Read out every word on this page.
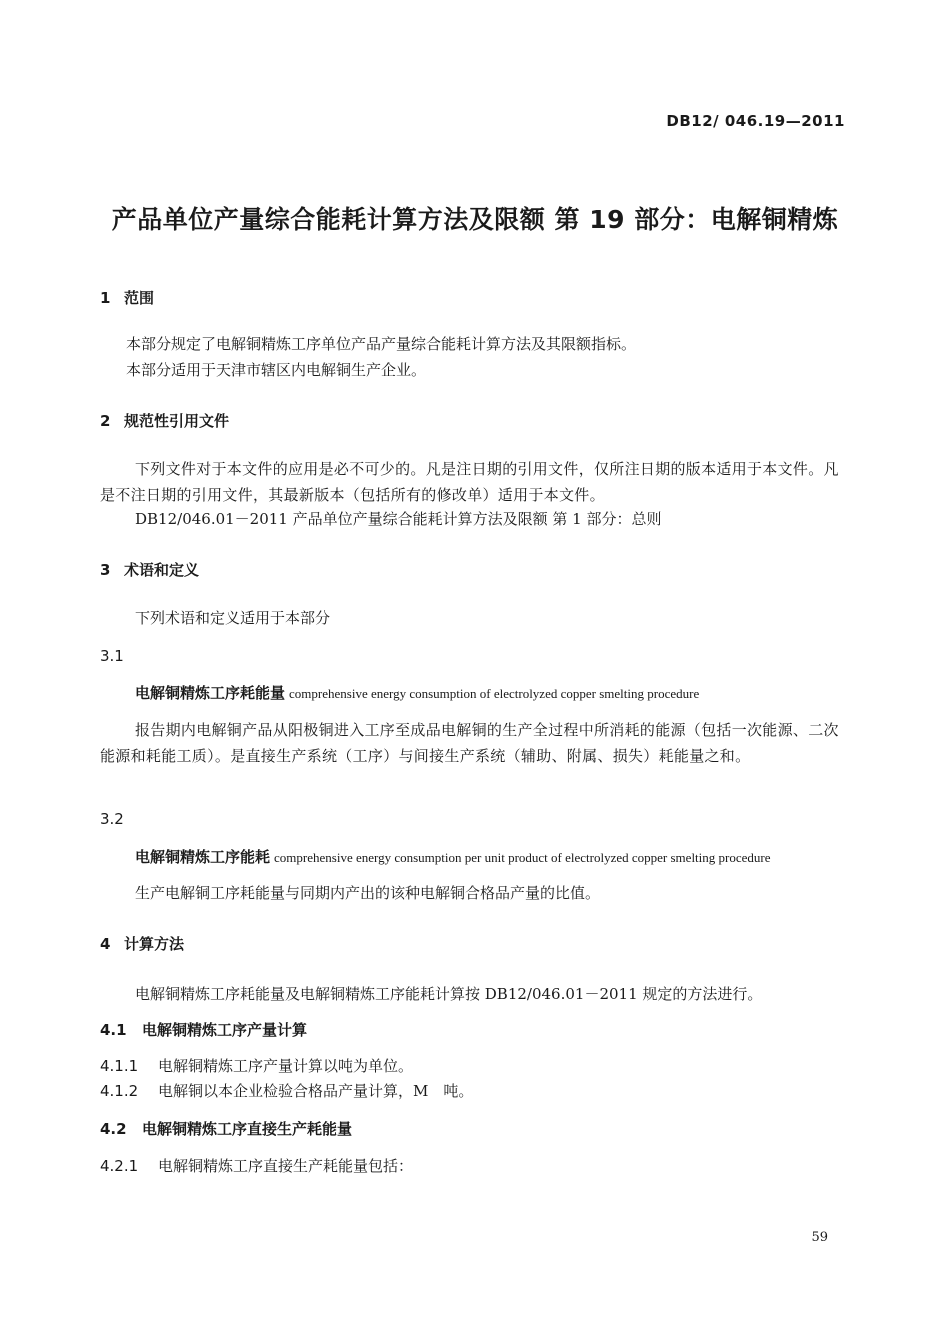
DB12/ 046.19—2011
产品单位产量综合能耗计算方法及限额 第 19 部分：电解铜精炼
1 范围
本部分规定了电解铜精炼工序单位产品产量综合能耗计算方法及其限额指标。
本部分适用于天津市辖区内电解铜生产企业。
2 规范性引用文件
下列文件对于本文件的应用是必不可少的。凡是注日期的引用文件，仅所注日期的版本适用于本文件。凡是不注日期的引用文件，其最新版本（包括所有的修改单）适用于本文件。
DB12/046.01－2011 产品单位产量综合能耗计算方法及限额 第 1 部分：总则
3 术语和定义
下列术语和定义适用于本部分
3.1
电解铜精炼工序耗能量 comprehensive energy consumption of electrolyzed copper smelting procedure
报告期内电解铜产品从阳极铜进入工序至成品电解铜的生产全过程中所消耗的能源（包括一次能源、二次能源和耗能工质）。是直接生产系统（工序）与间接生产系统（辅助、附属、损失）耗能量之和。
3.2
电解铜精炼工序能耗 comprehensive energy consumption per unit product of electrolyzed copper smelting procedure
生产电解铜工序耗能量与同期内产出的该种电解铜合格品产量的比值。
4 计算方法
电解铜精炼工序耗能量及电解铜精炼工序能耗计算按 DB12/046.01－2011 规定的方法进行。
4.1 电解铜精炼工序产量计算
4.1.1 电解铜精炼工序产量计算以吨为单位。
4.1.2 电解铜以本企业检验合格品产量计算，M　吨。
4.2 电解铜精炼工序直接生产耗能量
4.2.1 电解铜精炼工序直接生产耗能量包括：
59
